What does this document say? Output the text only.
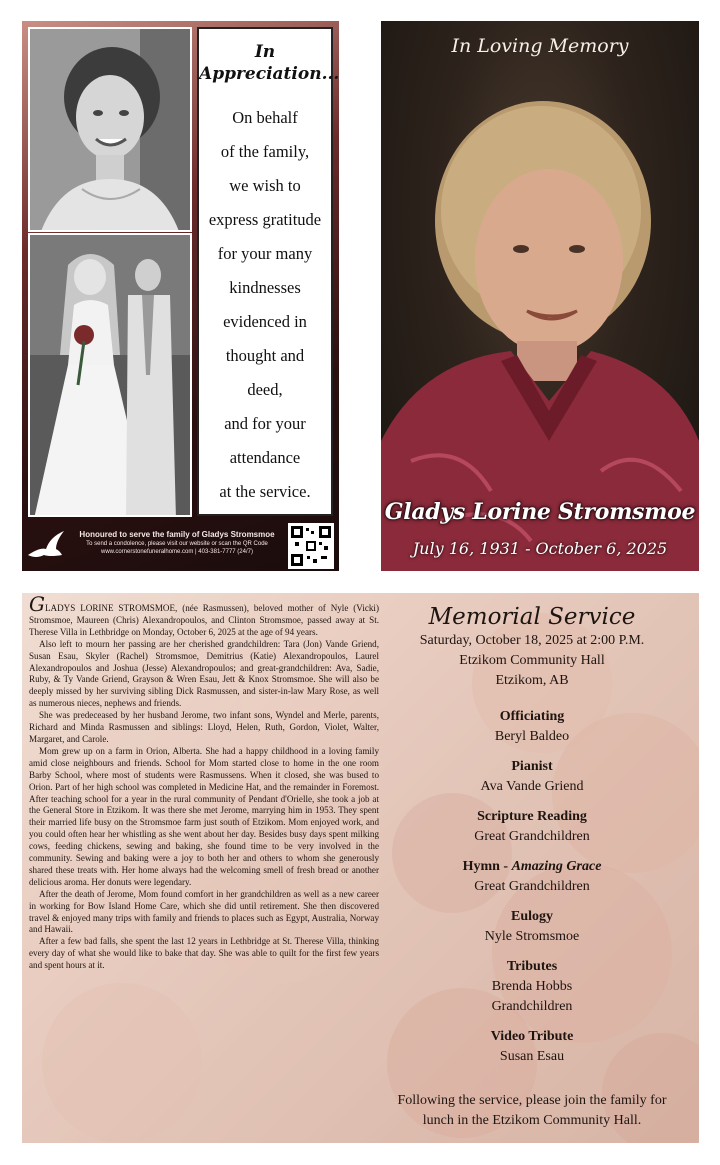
In
Appreciation...
On behalf
of the family,
we wish to
express gratitude
for your many
kindnesses
evidenced in
thought and
deed,
and for your
attendance
at the service.
Honoured to serve the family of Gladys Stromsmoe
To send a condolence, please visit our website or scan the QR Code
www.cornerstonefuneralhome.com | 403-381-7777 (24/7)
In Loving Memory
Gladys Lorine Stromsmoe
July 16, 1931 - October 6, 2025

GLADYS LORINE STROMSMOE, (née Rasmussen), beloved mother of Nyle (Vicki) Stromsmoe, Maureen (Chris) Alexandropoulos, and Clinton Stromsmoe, passed away at St. Therese Villa in Lethbridge on Monday, October 6, 2025 at the age of 94 years.

Also left to mourn her passing are her cherished grandchildren: Tara (Jon) Vande Griend, Susan Esau, Skyler (Rachel) Stromsmoe, Demitrius (Katie) Alexandropoulos, Laurel Alexandropoulos and Joshua (Jesse) Alexandropoulos; and great-grandchildren: Ava, Sadie, Ruby, & Ty Vande Griend, Grayson & Wren Esau, Jett & Knox Stromsmoe. She will also be deeply missed by her surviving sibling Dick Rasmussen, and sister-in-law Mary Rose, as well as numerous nieces, nephews and friends.

She was predeceased by her husband Jerome, two infant sons, Wyndel and Merle, parents, Richard and Minda Rasmussen and siblings: Lloyd, Helen, Ruth, Gordon, Violet, Walter, Margaret, and Carole.

Mom grew up on a farm in Orion, Alberta. She had a happy childhood in a loving family amid close neighbours and friends. School for Mom started close to home in the one room Barby School, where most of students were Rasmussens. When it closed, she was bused to Orion. Part of her high school was completed in Medicine Hat, and the remainder in Foremost. After teaching school for a year in the rural community of Pendant d'Orielle, she took a job at the General Store in Etzikom. It was there she met Jerome, marrying him in 1953. They spent their married life busy on the Stromsmoe farm just south of Etzikom. Mom enjoyed work, and you could often hear her whistling as she went about her day. Besides busy days spent milking cows, feeding chickens, sewing and baking, she found time to be very involved in the community. Sewing and baking were a joy to both her and others to whom she generously shared these treats with. Her home always had the welcoming smell of fresh bread or another delicious aroma. Her donuts were legendary.

After the death of Jerome, Mom found comfort in her grandchildren as well as a new career in working for Bow Island Home Care, which she did until retirement. She then discovered travel & enjoyed many trips with family and friends to places such as Egypt, Australia, Norway and Hawaii.

After a few bad falls, she spent the last 12 years in Lethbridge at St. Therese Villa, thinking every day of what she would like to bake that day. She was able to quilt for the first few years and spent hours at it.

Memorial Service
Saturday, October 18, 2025 at 2:00 P.M.
Etzikom Community Hall
Etzikom, AB
Officiating
Beryl Baldeo
Pianist
Ava Vande Griend
Scripture Reading
Great Grandchildren
Hymn - Amazing Grace
Great Grandchildren
Eulogy
Nyle Stromsmoe
Tributes
Brenda Hobbs
Grandchildren
Video Tribute
Susan Esau
Following the service, please join the family for
lunch in the Etzikom Community Hall.
